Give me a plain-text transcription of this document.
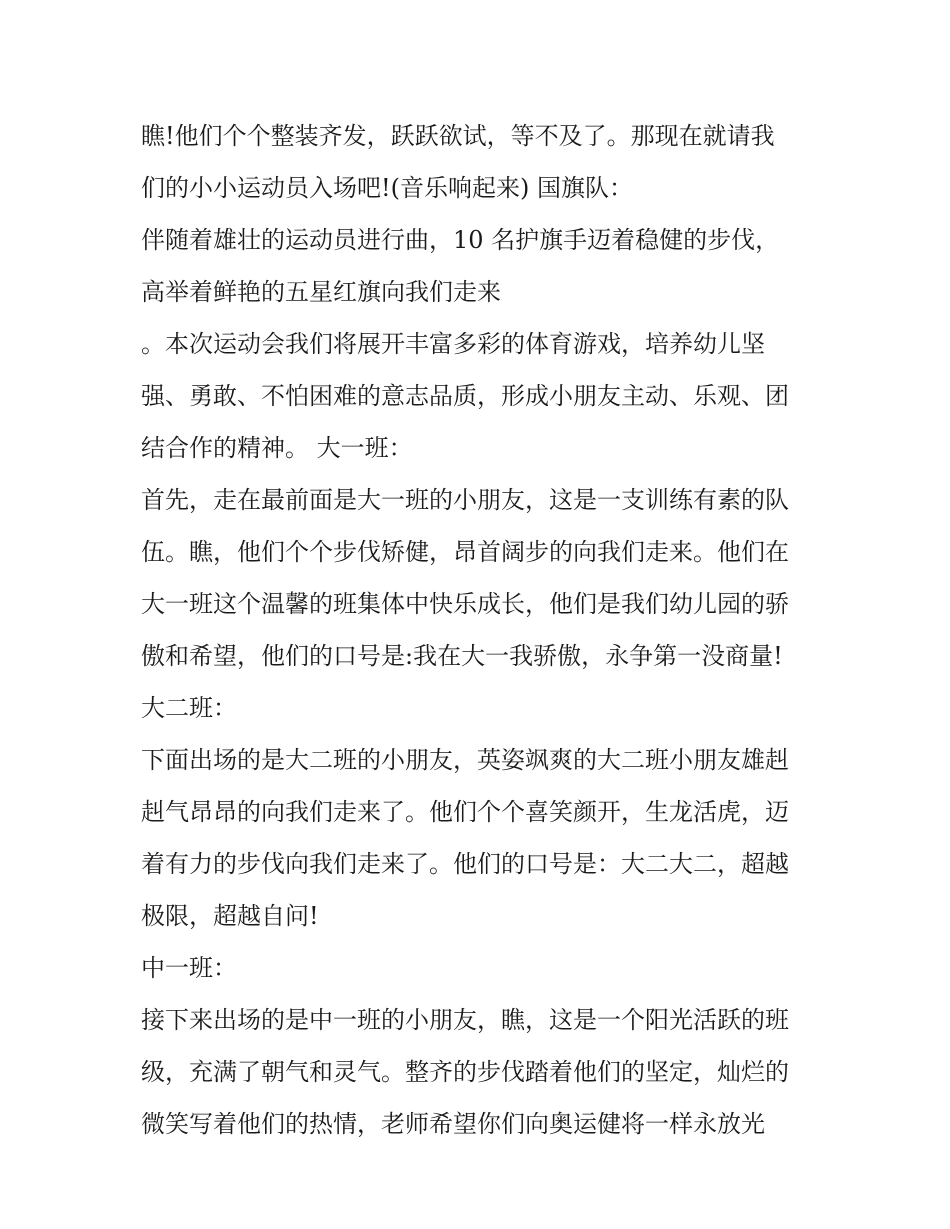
瞧!他们个个整装齐发，跃跃欲试，等不及了。那现在就请我
们的小小运动员入场吧!(音乐响起来) 国旗队：
伴随着雄壮的运动员进行曲，10 名护旗手迈着稳健的步伐，
高举着鲜艳的五星红旗向我们走来
。本次运动会我们将展开丰富多彩的体育游戏，培养幼儿坚
强、勇敢、不怕困难的意志品质，形成小朋友主动、乐观、团
结合作的精神。 大一班：
首先，走在最前面是大一班的小朋友，这是一支训练有素的队
伍。瞧，他们个个步伐矫健，昂首阔步的向我们走来。他们在
大一班这个温馨的班集体中快乐成长，他们是我们幼儿园的骄
傲和希望，他们的口号是:我在大一我骄傲，永争第一没商量!
大二班：
下面出场的是大二班的小朋友，英姿飒爽的大二班小朋友雄赳
赳气昂昂的向我们走来了。他们个个喜笑颜开，生龙活虎，迈
着有力的步伐向我们走来了。他们的口号是：大二大二，超越
极限，超越自问!
中一班：
接下来出场的是中一班的小朋友，瞧，这是一个阳光活跃的班
级，充满了朝气和灵气。整齐的步伐踏着他们的坚定，灿烂的
微笑写着他们的热情，老师希望你们向奥运健将一样永放光
